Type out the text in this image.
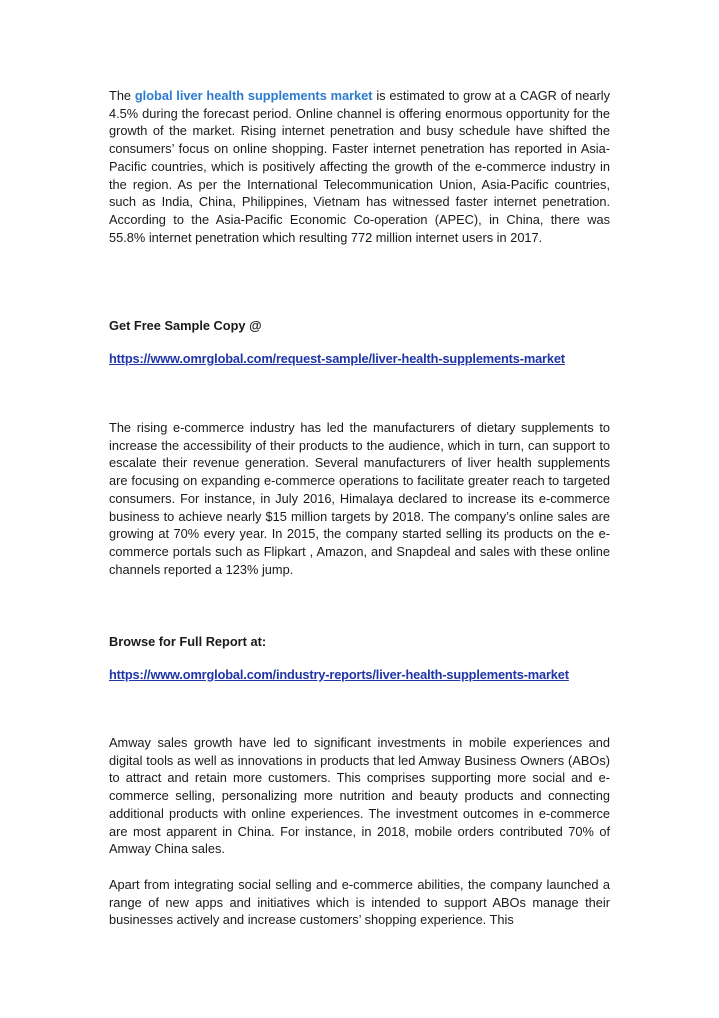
The global liver health supplements market is estimated to grow at a CAGR of nearly 4.5% during the forecast period. Online channel is offering enormous opportunity for the growth of the market. Rising internet penetration and busy schedule have shifted the consumers’ focus on online shopping. Faster internet penetration has reported in Asia-Pacific countries, which is positively affecting the growth of the e-commerce industry in the region. As per the International Telecommunication Union, Asia-Pacific countries, such as India, China, Philippines, Vietnam has witnessed faster internet penetration. According to the Asia-Pacific Economic Co-operation (APEC), in China, there was 55.8% internet penetration which resulting 772 million internet users in 2017.

Get Free Sample Copy @

https://www.omrglobal.com/request-sample/liver-health-supplements-market

The rising e-commerce industry has led the manufacturers of dietary supplements to increase the accessibility of their products to the audience, which in turn, can support to escalate their revenue generation. Several manufacturers of liver health supplements are focusing on expanding e-commerce operations to facilitate greater reach to targeted consumers. For instance, in July 2016, Himalaya declared to increase its e-commerce business to achieve nearly $15 million targets by 2018. The company’s online sales are growing at 70% every year. In 2015, the company started selling its products on the e-commerce portals such as Flipkart , Amazon, and Snapdeal and sales with these online channels reported a 123% jump.

Browse for Full Report at:

https://www.omrglobal.com/industry-reports/liver-health-supplements-market

Amway sales growth have led to significant investments in mobile experiences and digital tools as well as innovations in products that led Amway Business Owners (ABOs) to attract and retain more customers. This comprises supporting more social and e-commerce selling, personalizing more nutrition and beauty products and connecting additional products with online experiences. The investment outcomes in e-commerce are most apparent in China. For instance, in 2018, mobile orders contributed 70% of Amway China sales.

Apart from integrating social selling and e-commerce abilities, the company launched a range of new apps and initiatives which is intended to support ABOs manage their businesses actively and increase customers’ shopping experience. This
